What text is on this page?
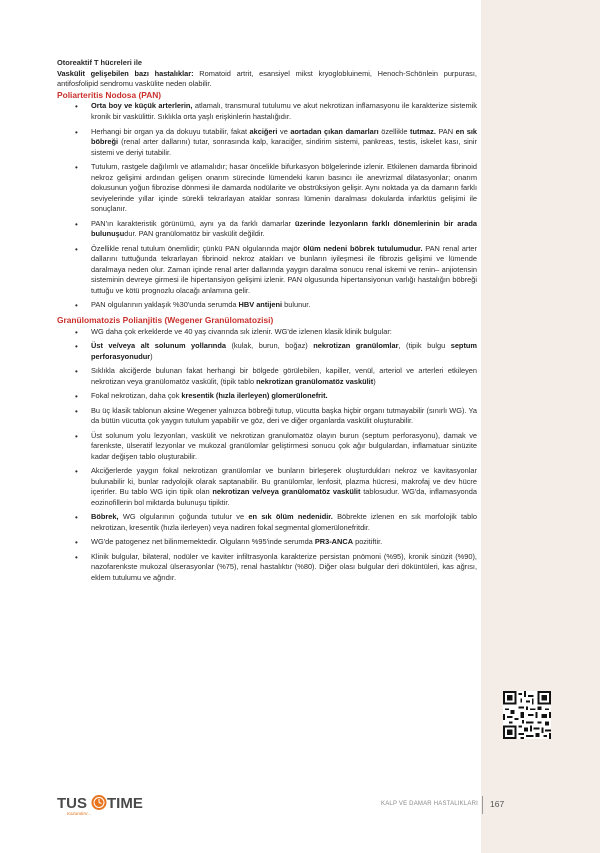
Otoreaktif T hücreleri ile

Vaskülit gelişebilen bazı hastalıklar: Romatoid artrit, esansiyel mikst kryoglobluinemi, Henoch-Schönlein purpurası, antifosfolipid sendromu vaskülite neden olabilir.

Poliarteritis Nodosa (PAN)

• Orta boy ve küçük arterlerin, atlamalı, transmural tutulumu ve akut nekrotizan inflamasyonu ile karakterize sistemik kronik bir vaskülittir. Sıklıkla orta yaşlı erişkinlerin hastalığıdır.
• Herhangi bir organ ya da dokuyu tutabilir, fakat akciğeri ve aortadan çıkan damarları özellikle tutmaz. PAN en sık böbreği (renal arter dallarını) tutar, sonrasında kalp, karaciğer, sindirim sistemi, pankreas, testis, iskelet kası, sinir sistemi ve deriyi tutabilir.
• Tutulum, rastgele dağılımlı ve atlamalıdır; hasar öncelikle bifurkasyon bölgelerinde izlenir. Etkilenen damarda fibrinoid nekroz gelişimi ardından gelişen onarım sürecinde lümendeki kanın basıncı ile anevrizmal dilatasyonlar; onarım dokusunun yoğun fibrozise dönmesi ile damarda nodülarite ve obstrüksiyon gelişir. Aynı noktada ya da damarın farklı seviyelerinde yıllar içinde sürekli tekrarlayan ataklar sonrası lümenin daralması dokularda infarktüs gelişimi ile sonuçlanır.
• PAN'ın karakteristik görünümü, aynı ya da farklı damarlar üzerinde lezyonların farklı dönemlerinin bir arada bulunuşudur. PAN granülomatöz bir vaskülit değildir.
• Özellikle renal tutulum önemlidir; çünkü PAN olgularında majör ölüm nedeni böbrek tutulumudur. PAN renal arter dallarını tuttuğunda tekrarlayan fibrinoid nekroz atakları ve bunların iyileşmesi ile fibrozis gelişimi ve lümende daralmaya neden olur. Zaman içinde renal arter dallarında yaygın daralma sonucu renal iskemi ve renin– anjiotensin sisteminin devreye girmesi ile hipertansiyon gelişimi izlenir. PAN olgusunda hipertansiyonun varlığı hastalığın böbreği tuttuğu ve kötü prognozlu olacağı anlamına gelir.
• PAN olgularının yaklaşık %30'unda serumda HBV antijeni bulunur.

Granülomatozis Polianjitis (Wegener Granülomatozisi)

• WG daha çok erkeklerde ve 40 yaş civarında sık izlenir. WG'de izlenen klasik klinik bulgular:
• Üst ve/veya alt solunum yollarında (kulak, burun, boğaz) nekrotizan granülomlar, (tipik bulgu septum perforasyonudur)
• Sıklıkla akciğerde bulunan fakat herhangi bir bölgede görülebilen, kapiller, venül, arteriol ve arterleri etkileyen nekrotizan veya granülomatöz vaskülit, (tipik tablo nekrotizan granülomatöz vaskülit)
• Fokal nekrotizan, daha çok kresentik (hızla ilerleyen) glomerülonefrit.
• Bu üç klasik tablonun aksine Wegener yalnızca böbreği tutup, vücutta başka hiçbir organı tutmayabilir (sınırlı WG). Ya da bütün vücutta çok yaygın tutulum yapabilir ve göz, deri ve diğer organlarda vaskülit oluşturabilir.
• Üst solunum yolu lezyonları, vaskülit ve nekrotizan granulomatöz olayın burun (septum perforasyonu), damak ve farenkste, ülseratif lezyonlar ve mukozal granülomlar geliştirmesi sonucu çok ağır bulgulardan, inflamatuar sinüzite kadar değişen tablo oluşturabilir.
• Akciğerlerde yaygın fokal nekrotizan granülomlar ve bunların birleşerek oluşturdukları nekroz ve kavitasyonlar bulunabilir ki, bunlar radyolojik olarak saptanabilir. Bu granülomlar, lenfosit, plazma hücresi, makrofaj ve dev hücre içerirler. Bu tablo WG için tipik olan nekrotizan ve/veya granülomatöz vaskülit tablosudur. WG'da, inflamasyonda eozinofillerin bol miktarda bulunuşu tipiktir.
• Böbrek, WG olgularının çoğunda tutulur ve en sık ölüm nedenidir. Böbrekte izlenen en sık morfolojik tablo nekrotizan, kresentik (hızla ilerleyen) veya nadiren fokal segmental glomerülonefritdir.
• WG'de patogenez net bilinmemektedir. Olguların %95'inde serumda PR3-ANCA pozitiftir.
• Klinik bulgular, bilateral, nodüler ve kaviter infiltrasyonla karakterize persistan pnömoni (%95), kronik sinüzit (%90), nazofarenkste mukozal ülserasyonlar (%75), renal hastalıktır (%80). Diğer olası bulgular deri döküntüleri, kas ağrısı, eklem tutulumu ve ağrıdır.
TUS TIME
Kazandırır...
KALP VE DAMAR HASTALIKLARI 167
